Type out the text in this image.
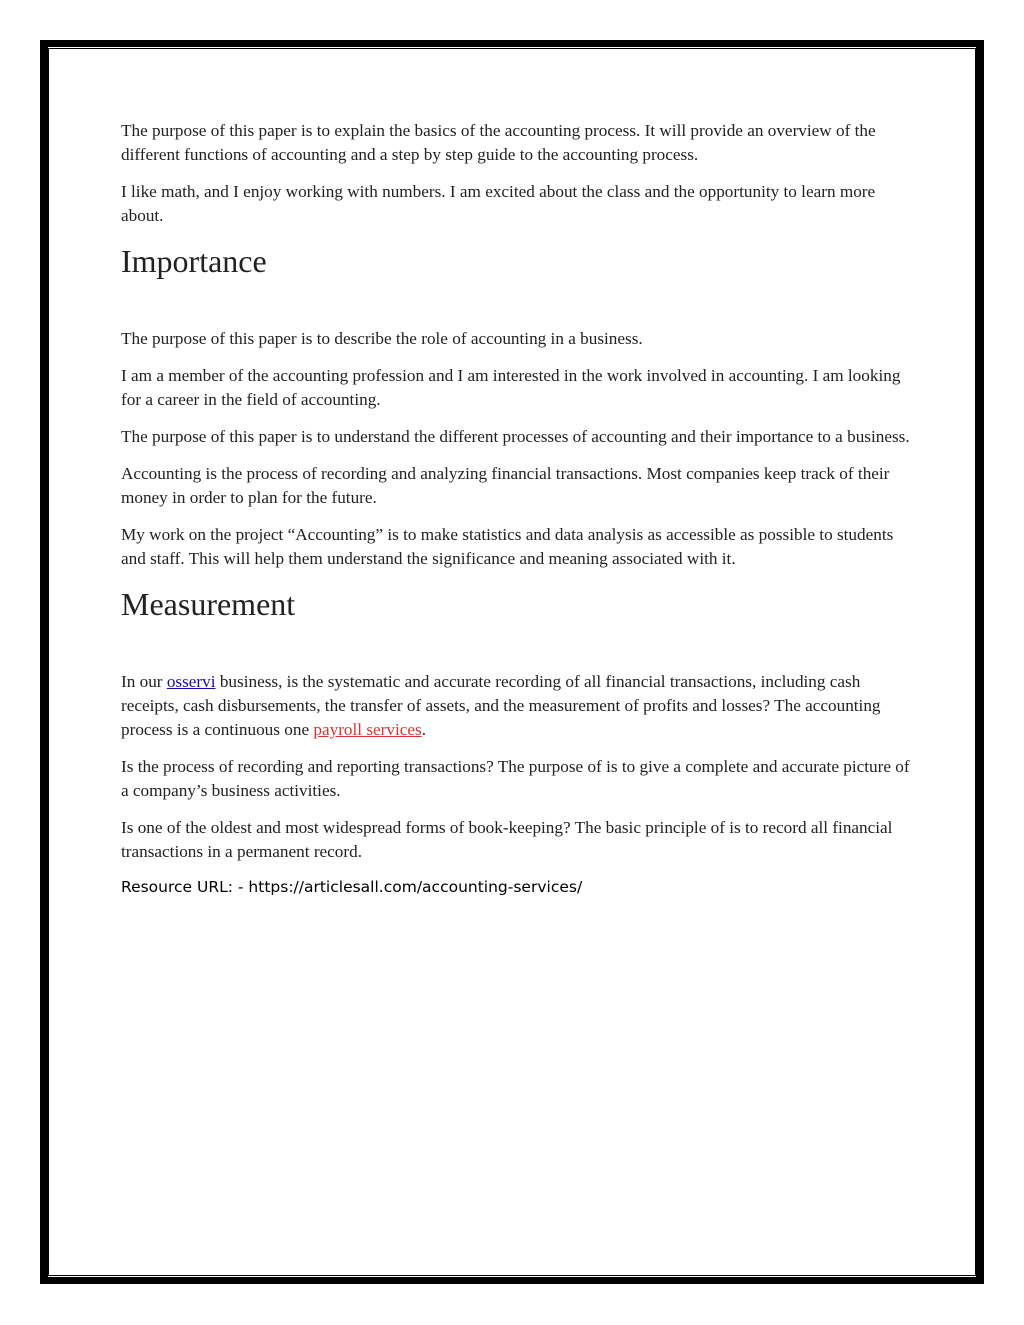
The purpose of this paper is to explain the basics of the accounting process. It will provide an overview of the different functions of accounting and a step by step guide to the accounting process.

I like math, and I enjoy working with numbers. I am excited about the class and the opportunity to learn more about.

Importance

The purpose of this paper is to describe the role of accounting in a business.

I am a member of the accounting profession and I am interested in the work involved in accounting. I am looking for a career in the field of accounting.

The purpose of this paper is to understand the different processes of accounting and their importance to a business.

Accounting is the process of recording and analyzing financial transactions. Most companies keep track of their money in order to plan for the future.

My work on the project “Accounting” is to make statistics and data analysis as accessible as possible to students and staff. This will help them understand the significance and meaning associated with it.

Measurement

In our osservi business, is the systematic and accurate recording of all financial transactions, including cash receipts, cash disbursements, the transfer of assets, and the measurement of profits and losses? The accounting process is a continuous one payroll services.

Is the process of recording and reporting transactions? The purpose of is to give a complete and accurate picture of a company’s business activities.

Is one of the oldest and most widespread forms of book-keeping? The basic principle of is to record all financial transactions in a permanent record.

Resource URL: - https://articlesall.com/accounting-services/
